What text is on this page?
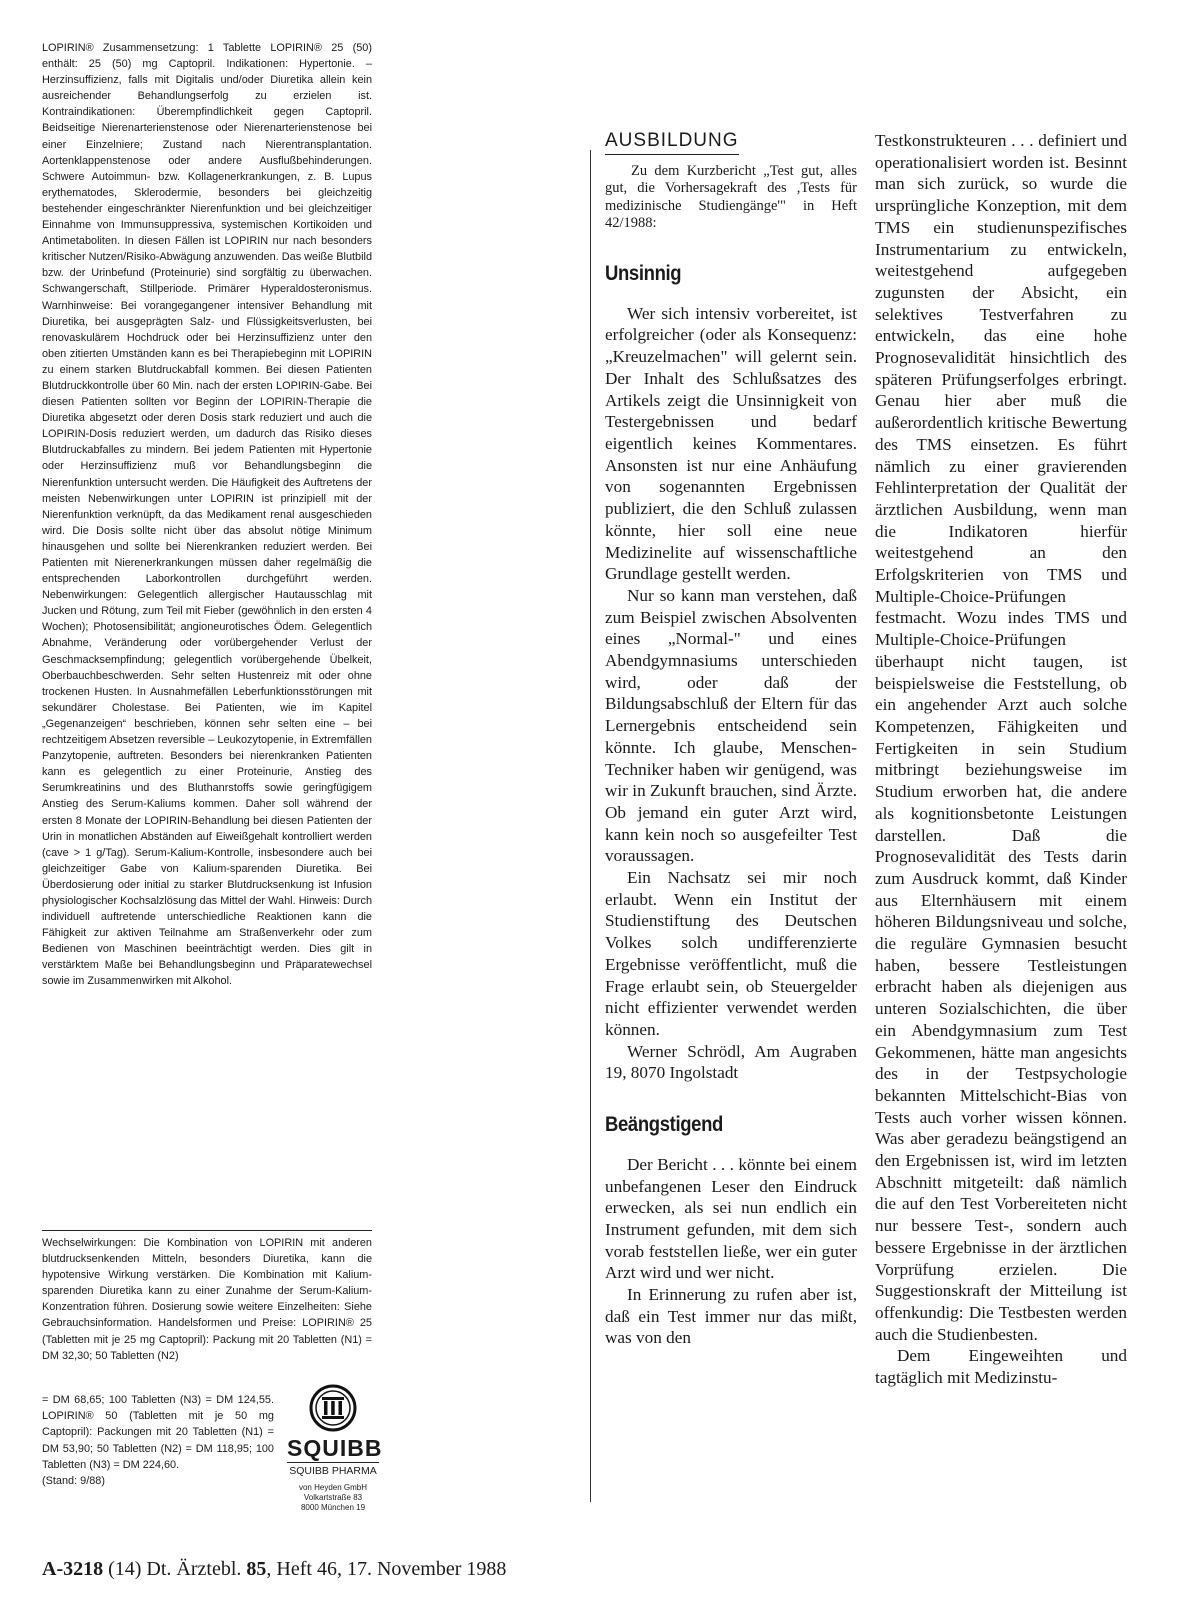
LOPIRIN® Zusammensetzung: 1 Tablette LOPIRIN® 25 (50) enthält: 25 (50) mg Captopril. Indikationen: Hypertonie. – Herzinsuffizienz, falls mit Digitalis und/oder Diuretika allein kein ausreichender Behandlungserfolg zu erzielen ist. Kontraindikationen: Überempfindlichkeit gegen Captopril. Beidseitige Nierenarterienstenose oder Nierenarterienstenose bei einer Einzelniere; Zustand nach Nierentransplantation. Aortenklappenstenose oder andere Ausflußbehinderungen. Schwere Autoimmun- bzw. Kollagenerkrankungen, z. B. Lupus erythematodes, Sklerodermie, besonders bei gleichzeitig bestehender eingeschränkter Nierenfunktion und bei gleichzeitiger Einnahme von Immunsuppressiva, systemischen Kortikoiden und Antimetaboliten. In diesen Fällen ist LOPIRIN nur nach besonders kritischer Nutzen/Risiko-Abwägung anzuwenden. Das weiße Blutbild bzw. der Urinbefund (Proteinurie) sind sorgfältig zu überwachen. Schwangerschaft, Stillperiode. Primärer Hyperaldosteronismus. Warnhinweise: Bei vorangegangener intensiver Behandlung mit Diuretika, bei ausgeprägten Salz- und Flüssigkeitsverlusten, bei renovaskulärem Hochdruck oder bei Herzinsuffizienz unter den oben zitierten Umständen kann es bei Therapiebeginn mit LOPIRIN zu einem starken Blutdruckabfall kommen. Bei diesen Patienten Blutdruckkontrolle über 60 Min. nach der ersten LOPIRIN-Gabe. Bei diesen Patienten sollten vor Beginn der LOPIRIN-Therapie die Diuretika abgesetzt oder deren Dosis stark reduziert und auch die LOPIRIN-Dosis reduziert werden, um dadurch das Risiko dieses Blutdruckabfalles zu mindern. Bei jedem Patienten mit Hypertonie oder Herzinsuffizienz muß vor Behandlungsbeginn die Nierenfunktion untersucht werden. Die Häufigkeit des Auftretens der meisten Nebenwirkungen unter LOPIRIN ist prinzipiell mit der Nierenfunktion verknüpft, da das Medikament renal ausgeschieden wird. Die Dosis sollte nicht über das absolut nötige Minimum hinausgehen und sollte bei Nierenkranken reduziert werden. Bei Patienten mit Nierenerkrankungen müssen daher regelmäßig die entsprechenden Laborkontrollen durchgeführt werden. Nebenwirkungen: Gelegentlich allergischer Hautausschlag mit Jucken und Rötung, zum Teil mit Fieber (gewöhnlich in den ersten 4 Wochen); Photosensibilität; angioneurotisches Ödem. Gelegentlich Abnahme, Veränderung oder vorübergehender Verlust der Geschmacksempfindung; gelegentlich vorübergehende Übelkeit, Oberbauchbeschwerden. Sehr selten Hustenreiz mit oder ohne trockenen Husten. In Ausnahmefällen Leberfunktionsstörungen mit sekundärer Cholestase. Bei Patienten, wie im Kapitel „Gegenanzeigen“ beschrieben, können sehr selten eine – bei rechtzeitigem Absetzen reversible – Leukozytopenie, in Extremfällen Panzytopenie, auftreten. Besonders bei nierenkranken Patienten kann es gelegentlich zu einer Proteinurie, Anstieg des Serumkreatinins und des Bluthanrstoffs sowie geringfügigem Anstieg des Serum-Kaliums kommen. Daher soll während der ersten 8 Monate der LOPIRIN-Behandlung bei diesen Patienten der Urin in monatlichen Abständen auf Eiweißgehalt kontrolliert werden (cave > 1 g/Tag). Serum-Kalium-Kontrolle, insbesondere auch bei gleichzeitiger Gabe von Kalium-sparenden Diuretika. Bei Überdosierung oder initial zu starker Blutdrucksenkung ist Infusion physiologischer Kochsalzlösung das Mittel der Wahl. Hinweis: Durch individuell auftretende unterschiedliche Reaktionen kann die Fähigkeit zur aktiven Teilnahme am Straßenverkehr oder zum Bedienen von Maschinen beeinträchtigt werden. Dies gilt in verstärktem Maße bei Behandlungsbeginn und Präparatewechsel sowie im Zusammenwirken mit Alkohol.

Wechselwirkungen: Die Kombination von LOPIRIN mit anderen blutdrucksenkenden Mitteln, besonders Diuretika, kann die hypotensive Wirkung verstärken. Die Kombination mit Kalium-sparenden Diuretika kann zu einer Zunahme der Serum-Kalium-Konzentration führen. Dosierung sowie weitere Einzelheiten: Siehe Gebrauchsinformation. Handelsformen und Preise: LOPIRIN® 25 (Tabletten mit je 25 mg Captopril): Packung mit 20 Tabletten (N1) = DM 32,30; 50 Tabletten (N2)

= DM 68,65; 100 Tabletten (N3) = DM 124,55. LOPIRIN® 50 (Tabletten mit je 50 mg Captopril): Packungen mit 20 Tabletten (N1) = DM 53,90; 50 Tabletten (N2) = DM 118,95; 100 Tabletten (N3) = DM 224,60.

(Stand: 9/88)

SQUIBB
SQUIBB PHARMA
von Heyden GmbH
Volkartstraße 83
8000 München 19
AUSBILDUNG

Zu dem Kurzbericht „Test gut, alles gut, die Vorhersagekraft des ,Tests für medizinische Studiengänge'" in Heft 42/1988:

Unsinnig

Wer sich intensiv vorbereitet, ist erfolgreicher (oder als Konsequenz: „Kreuzelmachen" will gelernt sein. Der Inhalt des Schlußsatzes des Artikels zeigt die Unsinnigkeit von Testergebnissen und bedarf eigentlich keines Kommentares. Ansonsten ist nur eine Anhäufung von sogenannten Ergebnissen publiziert, die den Schluß zulassen könnte, hier soll eine neue Medizinelite auf wissenschaftliche Grundlage gestellt werden.

Nur so kann man verstehen, daß zum Beispiel zwischen Absolventen eines „Normal-" und eines Abendgymnasiums unterschieden wird, oder daß der Bildungsabschluß der Eltern für das Lernergebnis entscheidend sein könnte. Ich glaube, Menschen-Techniker haben wir genügend, was wir in Zukunft brauchen, sind Ärzte. Ob jemand ein guter Arzt wird, kann kein noch so ausgefeilter Test voraussagen.

Ein Nachsatz sei mir noch erlaubt. Wenn ein Institut der Studienstiftung des Deutschen Volkes solch undifferenzierte Ergebnisse veröffentlicht, muß die Frage erlaubt sein, ob Steuergelder nicht effizienter verwendet werden können.

Werner Schrödl, Am Augraben 19, 8070 Ingolstadt

Beängstigend

Der Bericht . . . könnte bei einem unbefangenen Leser den Eindruck erwecken, als sei nun endlich ein Instrument gefunden, mit dem sich vorab feststellen ließe, wer ein guter Arzt wird und wer nicht.

In Erinnerung zu rufen aber ist, daß ein Test immer nur das mißt, was von den

Testkonstrukteuren . . . definiert und operationalisiert worden ist. Besinnt man sich zurück, so wurde die ursprüngliche Konzeption, mit dem TMS ein studienunspezifisches Instrumentarium zu entwickeln, weitestgehend aufgegeben zugunsten der Absicht, ein selektives Testverfahren zu entwickeln, das eine hohe Prognosevalidität hinsichtlich des späteren Prüfungserfolges erbringt. Genau hier aber muß die außerordentlich kritische Bewertung des TMS einsetzen. Es führt nämlich zu einer gravierenden Fehlinterpretation der Qualität der ärztlichen Ausbildung, wenn man die Indikatoren hierfür weitestgehend an den Erfolgskriterien von TMS und Multiple-Choice-Prüfungen festmacht. Wozu indes TMS und Multiple-Choice-Prüfungen überhaupt nicht taugen, ist beispielsweise die Feststellung, ob ein angehender Arzt auch solche Kompetenzen, Fähigkeiten und Fertigkeiten in sein Studium mitbringt beziehungsweise im Studium erworben hat, die andere als kognitionsbetonte Leistungen darstellen. Daß die Prognosevalidität des Tests darin zum Ausdruck kommt, daß Kinder aus Elternhäusern mit einem höheren Bildungsniveau und solche, die reguläre Gymnasien besucht haben, bessere Testleistungen erbracht haben als diejenigen aus unteren Sozialschichten, die über ein Abendgymnasium zum Test Gekommenen, hätte man angesichts des in der Testpsychologie bekannten Mittelschicht-Bias von Tests auch vorher wissen können. Was aber geradezu beängstigend an den Ergebnissen ist, wird im letzten Abschnitt mitgeteilt: daß nämlich die auf den Test Vorbereiteten nicht nur bessere Test-, sondern auch bessere Ergebnisse in der ärztlichen Vorprüfung erzielen. Die Suggestionskraft der Mitteilung ist offenkundig: Die Testbesten werden auch die Studienbesten.

Dem Eingeweihten und tagtäglich mit Medizinstu-

A-3218 (14) Dt. Ärztebl. 85, Heft 46, 17. November 1988
